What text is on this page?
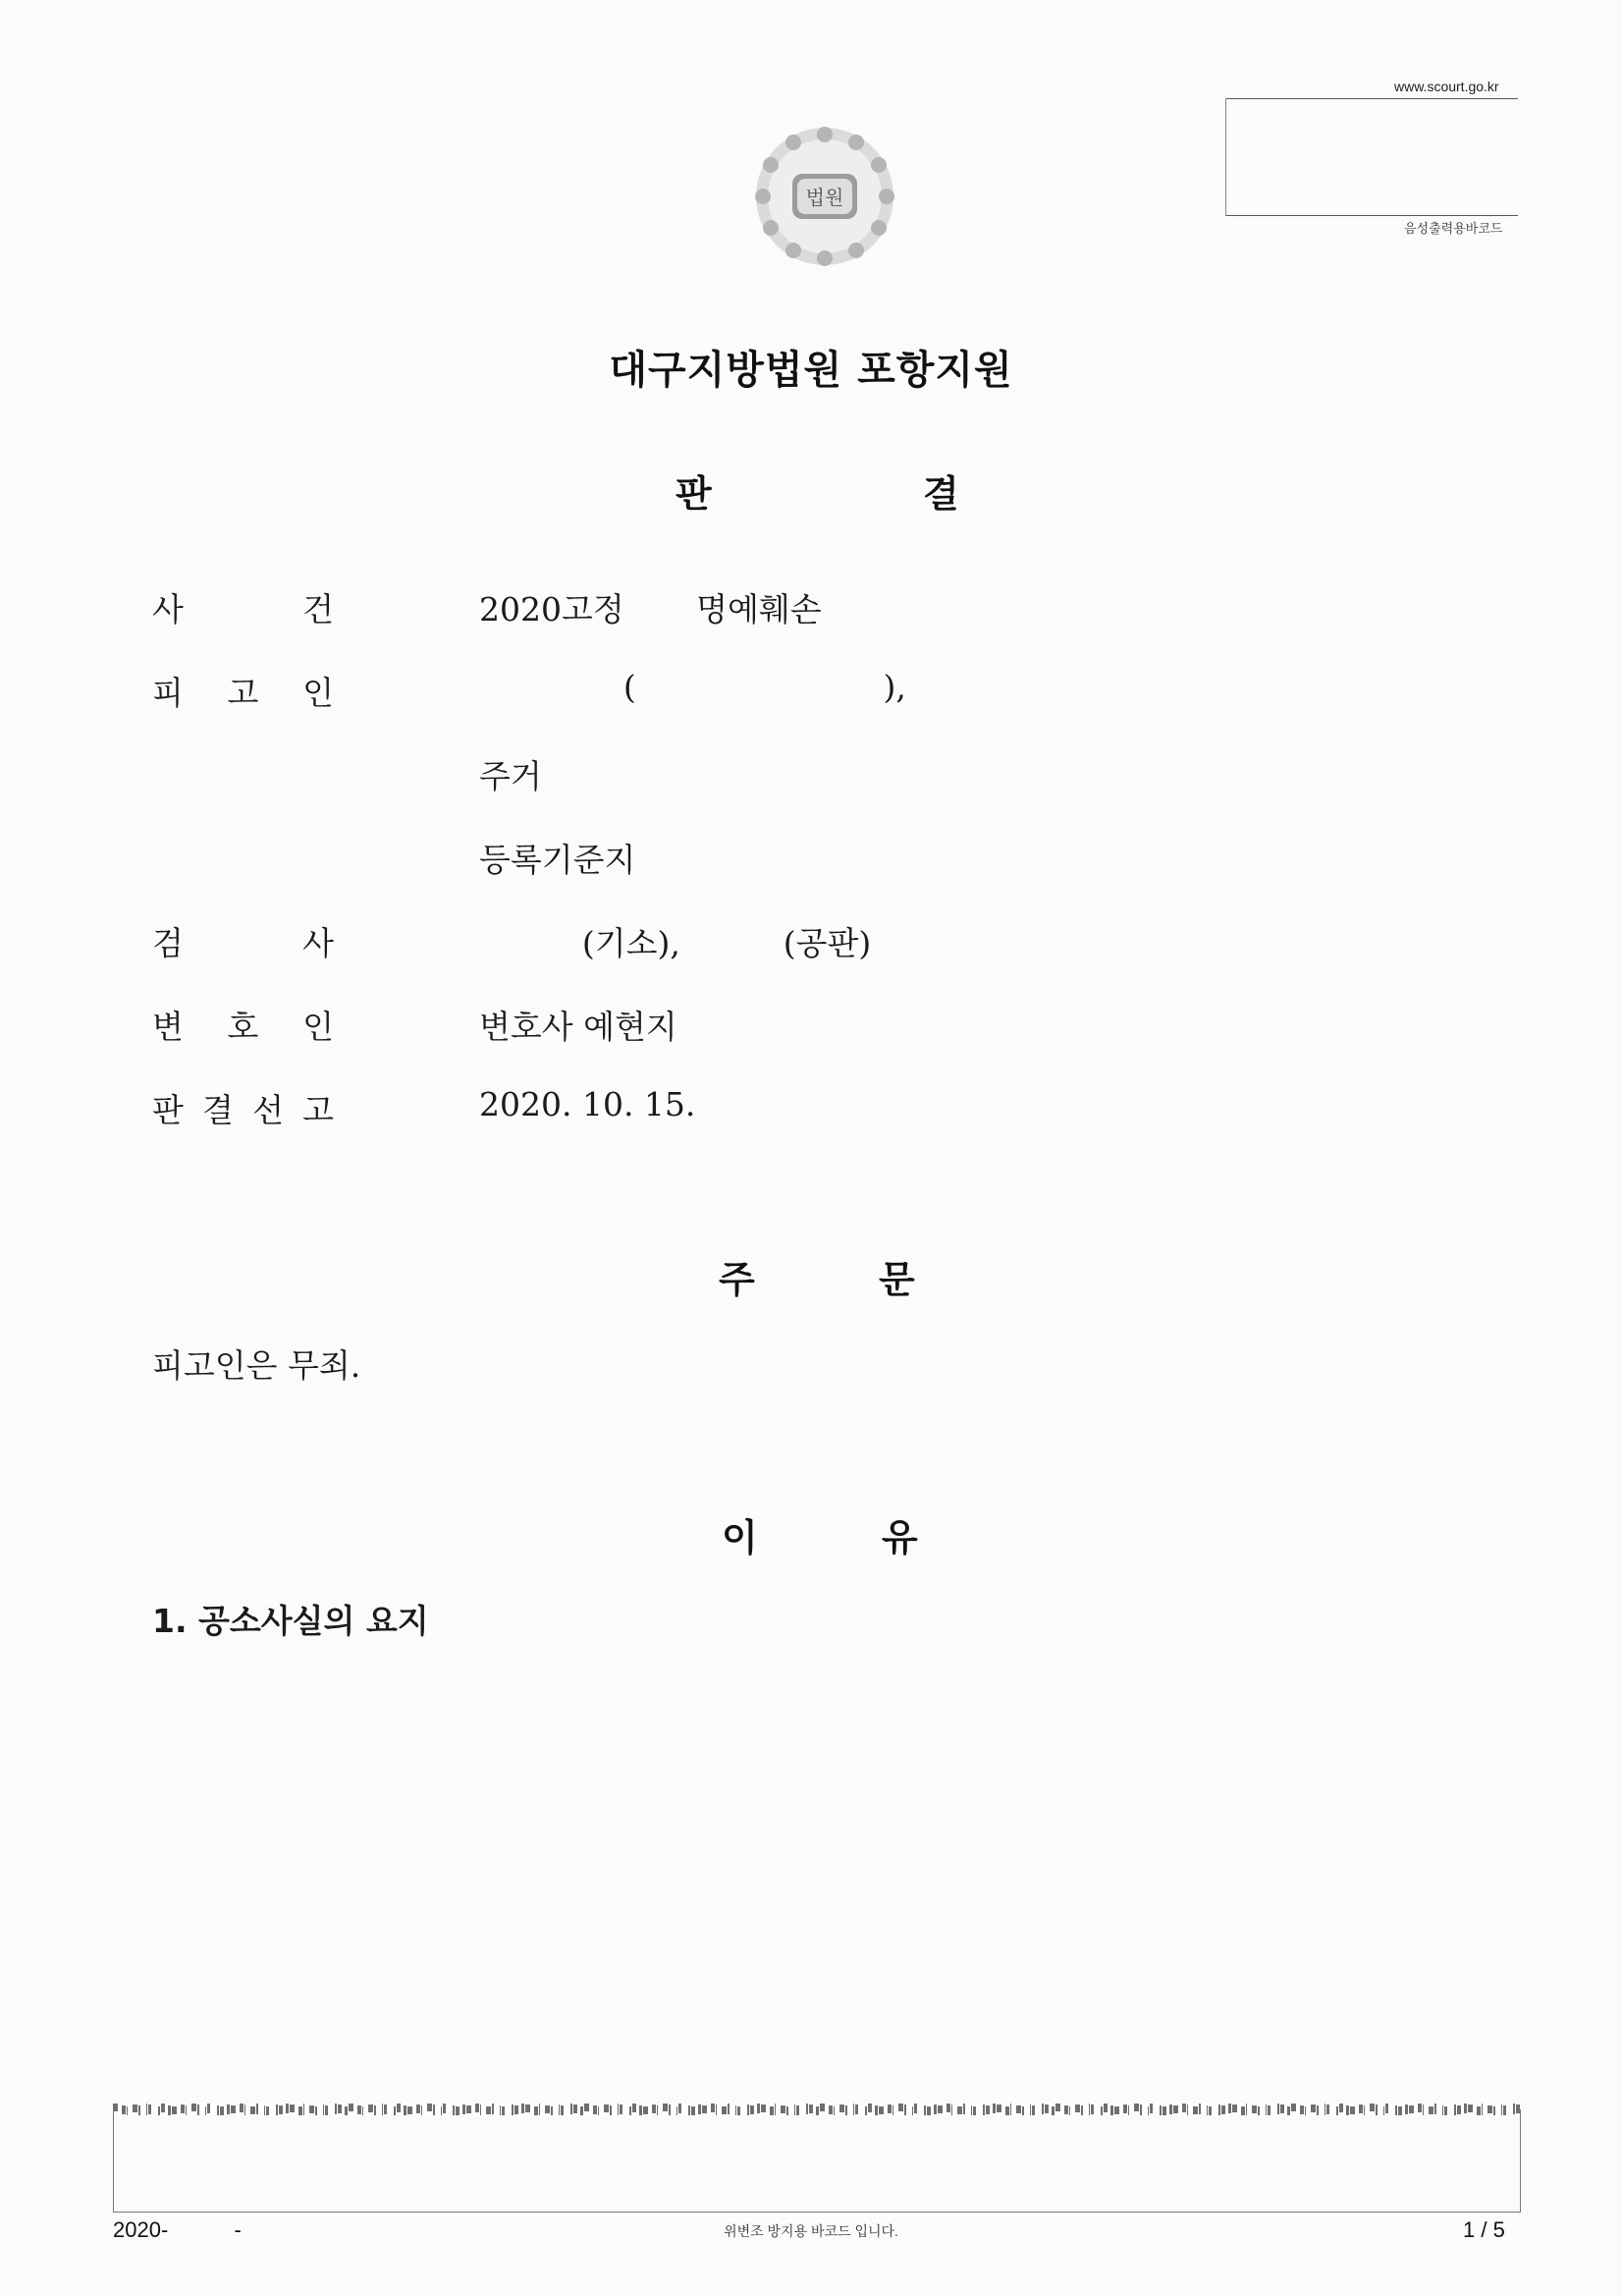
법원
www.scourt.go.kr
음성출력용바코드
대구지방법원 포항지원
판	결
사	건	2020고정       명예훼손
피 고 인	(                        ),
주거
등록기준지
검	사	(기소),          (공판)
변 호 인	변호사 예현지
판 결 선 고	2020. 10. 15.
주	문
피고인은 무죄.
이	유
1. 공소사실의 요지
2020-           -	위변조 방지용 바코드 입니다.	1 / 5
